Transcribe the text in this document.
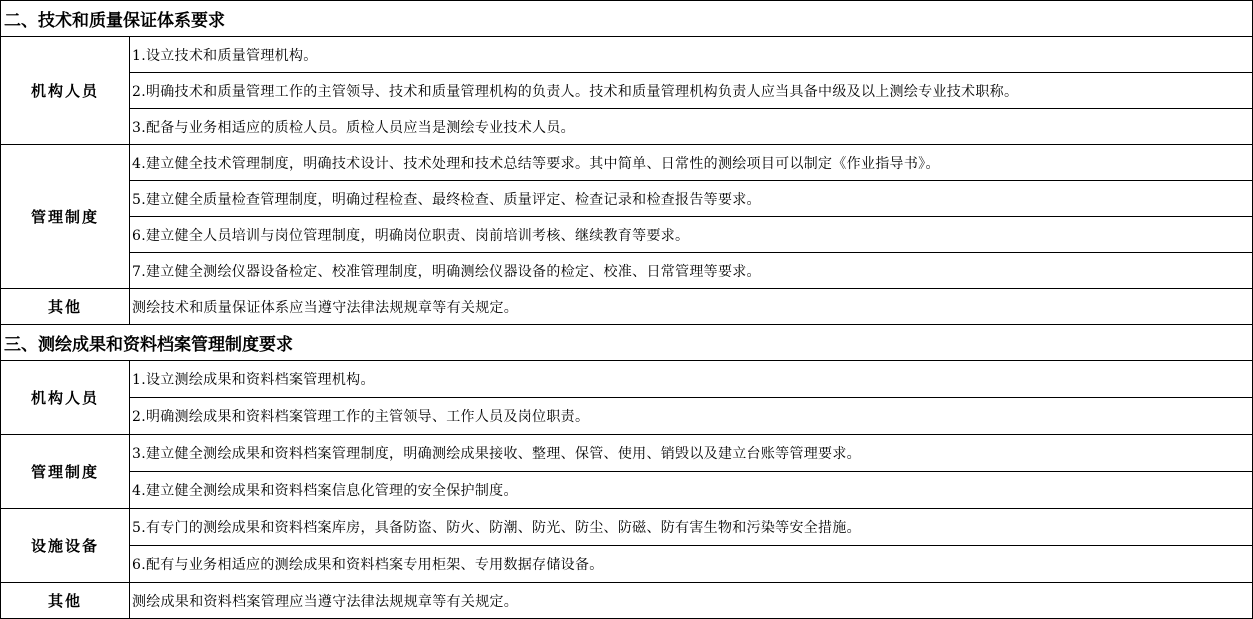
二、技术和质量保证体系要求	
机构人员	1.设立技术和质量管理机构。
	2.明确技术和质量管理工作的主管领导、技术和质量管理机构的负责人。技术和质量管理机构负责人应当具备中级及以上测绘专业技术职称。
	3.配备与业务相适应的质检人员。质检人员应当是测绘专业技术人员。
管理制度	4.建立健全技术管理制度，明确技术设计、技术处理和技术总结等要求。其中简单、日常性的测绘项目可以制定《作业指导书》。
	5.建立健全质量检查管理制度，明确过程检查、最终检查、质量评定、检查记录和检查报告等要求。
	6.建立健全人员培训与岗位管理制度，明确岗位职责、岗前培训考核、继续教育等要求。
	7.建立健全测绘仪器设备检定、校准管理制度，明确测绘仪器设备的检定、校准、日常管理等要求。
其他	测绘技术和质量保证体系应当遵守法律法规规章等有关规定。
三、测绘成果和资料档案管理制度要求	
机构人员	1.设立测绘成果和资料档案管理机构。
	2.明确测绘成果和资料档案管理工作的主管领导、工作人员及岗位职责。
管理制度	3.建立健全测绘成果和资料档案管理制度，明确测绘成果接收、整理、保管、使用、销毁以及建立台账等管理要求。
	4.建立健全测绘成果和资料档案信息化管理的安全保护制度。
设施设备	5.有专门的测绘成果和资料档案库房，具备防盗、防火、防潮、防光、防尘、防磁、防有害生物和污染等安全措施。
	6.配有与业务相适应的测绘成果和资料档案专用柜架、专用数据存储设备。
其他	测绘成果和资料档案管理应当遵守法律法规规章等有关规定。
